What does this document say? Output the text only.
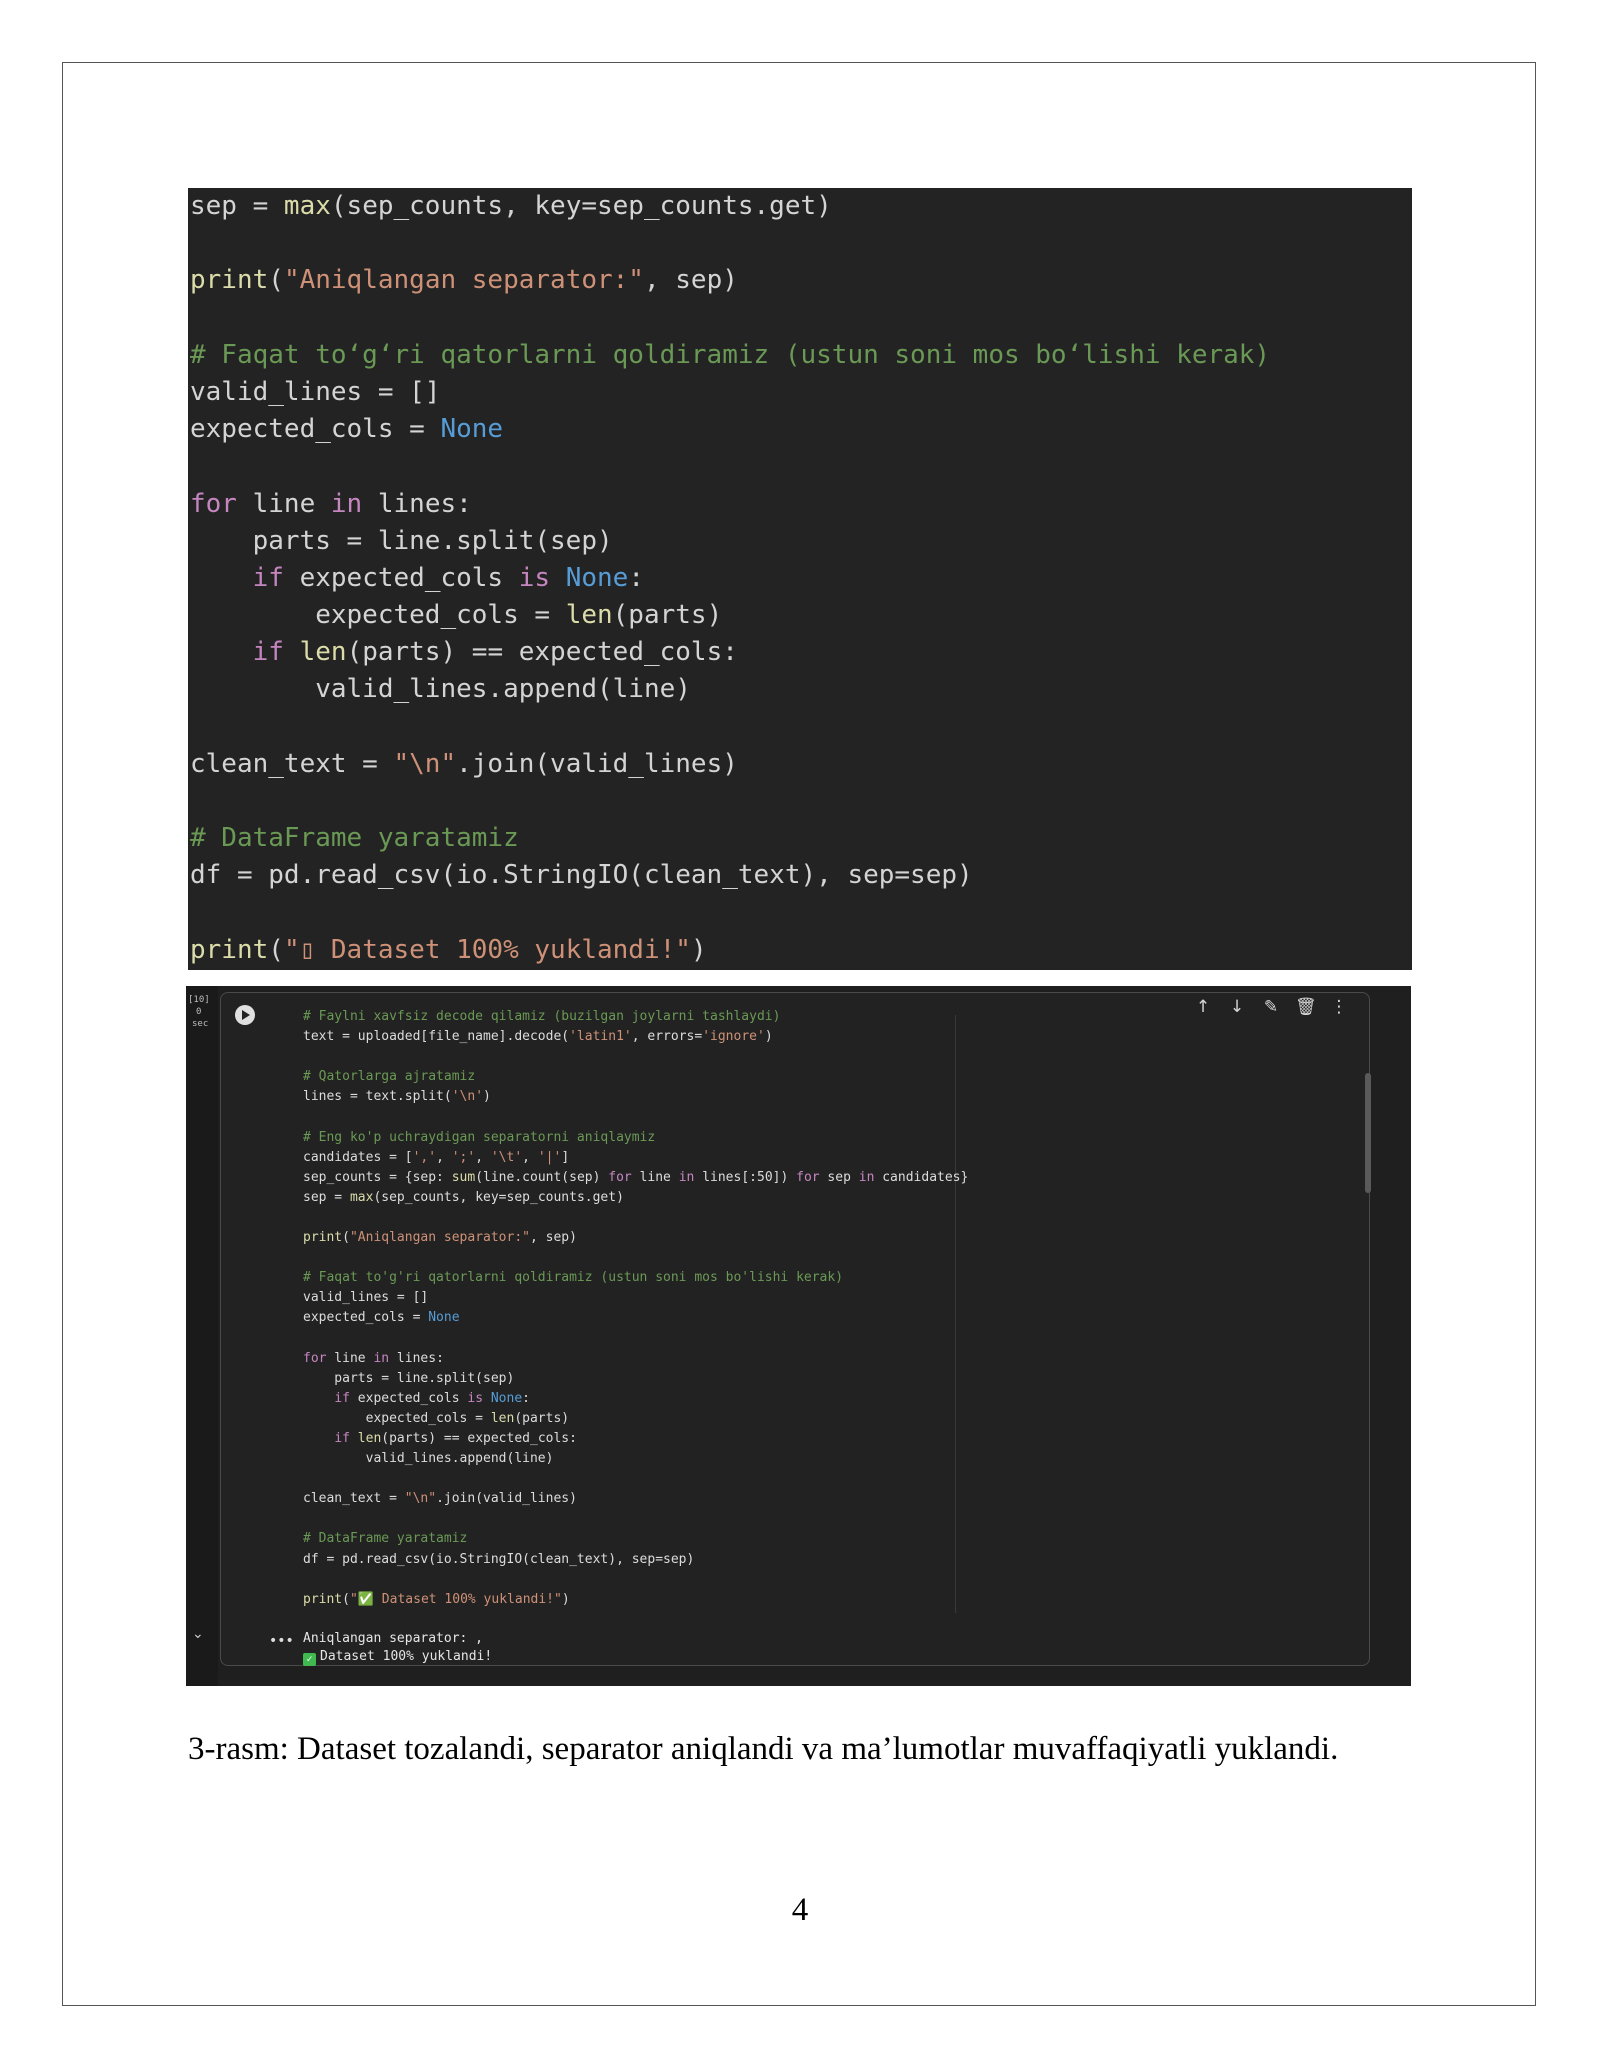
sep = max(sep_counts, key=sep_counts.get)
print("Aniqlangan separator:", sep)
# Faqat to‘g‘ri qatorlarni qoldiramiz (ustun soni mos bo‘lishi kerak)
valid_lines = []
expected_cols = None
for line in lines:
parts = line.split(sep)
if expected_cols is None:
expected_cols = len(parts)
if len(parts) == expected_cols:
valid_lines.append(line)
clean_text = "\n".join(valid_lines)
# DataFrame yaratamiz
df = pd.read_csv(io.StringIO(clean_text), sep=sep)
print("▯ Dataset 100% yuklandi!")
[10]
0
sec
⌄
↑ ↓ ✎ 🗑 ⋮
# Faylni xavfsiz decode qilamiz (buzilgan joylarni tashlaydi)
text = uploaded[file_name].decode('latin1', errors='ignore')
# Qatorlarga ajratamiz
lines = text.split('\n')
# Eng ko'p uchraydigan separatorni aniqlaymiz
candidates = [',', ';', '\t', '|']
sep_counts = {sep: sum(line.count(sep) for line in lines[:50]) for sep in candidates}
sep = max(sep_counts, key=sep_counts.get)
print("Aniqlangan separator:", sep)
# Faqat to'g'ri qatorlarni qoldiramiz (ustun soni mos bo'lishi kerak)
valid_lines = []
expected_cols = None
for line in lines:
parts = line.split(sep)
if expected_cols is None:
expected_cols = len(parts)
if len(parts) == expected_cols:
valid_lines.append(line)
clean_text = "\n".join(valid_lines)
# DataFrame yaratamiz
df = pd.read_csv(io.StringIO(clean_text), sep=sep)
print("✅ Dataset 100% yuklandi!")
••• Aniqlangan separator: ,
✓ Dataset 100% yuklandi!
3-rasm: Dataset tozalandi, separator aniqlandi va ma’lumotlar muvaffaqiyatli yuklandi.
4
